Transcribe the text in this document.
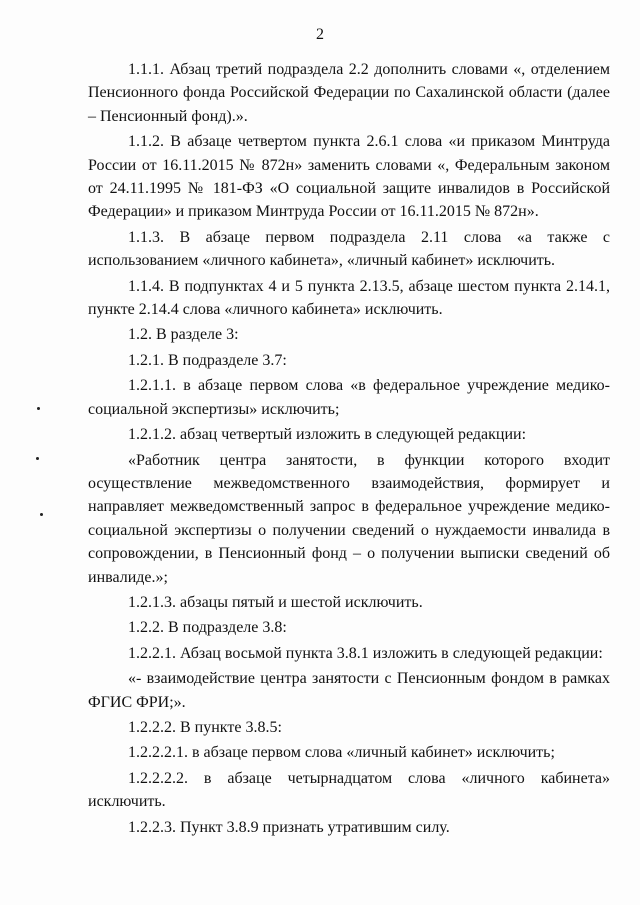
2

1.1.1. Абзац третий подраздела 2.2 дополнить словами «, отделением Пенсионного фонда Российской Федерации по Сахалинской области (далее – Пенсионный фонд).».

1.1.2. В абзаце четвертом пункта 2.6.1 слова «и приказом Минтруда России от 16.11.2015 № 872н» заменить словами «, Федеральным законом от 24.11.1995 № 181-ФЗ «О социальной защите инвалидов в Российской Федерации» и приказом Минтруда России от 16.11.2015 № 872н».

1.1.3. В абзаце первом подраздела 2.11 слова «а также с использованием «личного кабинета», «личный кабинет» исключить.

1.1.4. В подпунктах 4 и 5 пункта 2.13.5, абзаце шестом пункта 2.14.1, пункте 2.14.4 слова «личного кабинета» исключить.

1.2. В разделе 3:

1.2.1. В подразделе 3.7:

1.2.1.1. в абзаце первом слова «в федеральное учреждение медико-социальной экспертизы» исключить;

1.2.1.2. абзац четвертый изложить в следующей редакции:

«Работник центра занятости, в функции которого входит осуществление межведомственного взаимодействия, формирует и направляет межведомственный запрос в федеральное учреждение медико-социальной экспертизы о получении сведений о нуждаемости инвалида в сопровождении, в Пенсионный фонд – о получении выписки сведений об инвалиде.»;

1.2.1.3. абзацы пятый и шестой исключить.

1.2.2. В подразделе 3.8:

1.2.2.1. Абзац восьмой пункта 3.8.1 изложить в следующей редакции:

«- взаимодействие центра занятости с Пенсионным фондом в рамках ФГИС ФРИ;».

1.2.2.2. В пункте 3.8.5:

1.2.2.2.1. в абзаце первом слова «личный кабинет» исключить;

1.2.2.2.2. в абзаце четырнадцатом слова «личного кабинета» исключить.

1.2.2.3. Пункт 3.8.9 признать утратившим силу.
